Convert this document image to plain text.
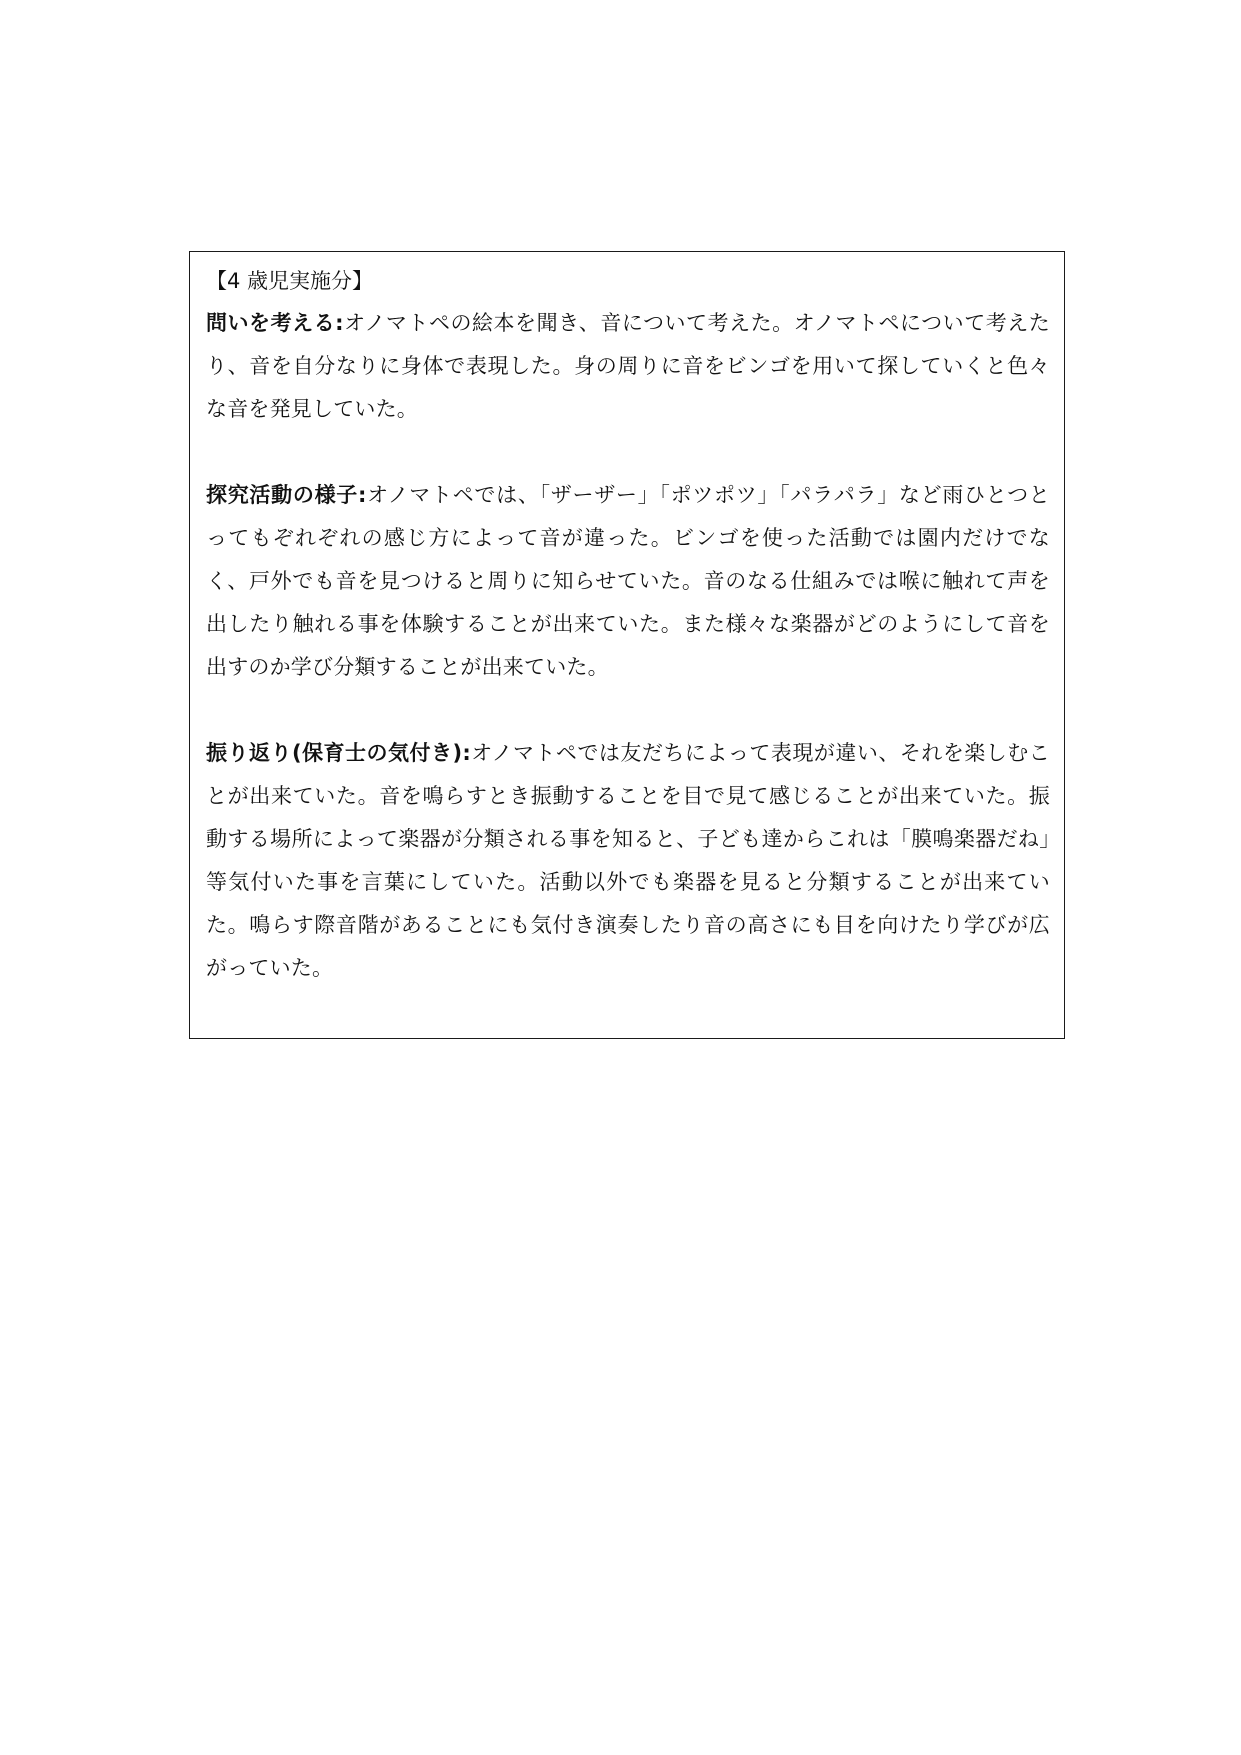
【4 歳児実施分】

問いを考える:オノマトペの絵本を聞き、音について考えた。オノマトペについて考えたり、音を自分なりに身体で表現した。身の周りに音をビンゴを用いて探していくと色々な音を発見していた。

探究活動の様子:オノマトペでは、「ザーザー」「ポツポツ」「パラパラ」など雨ひとつとってもぞれぞれの感じ方によって音が違った。ビンゴを使った活動では園内だけでなく、戸外でも音を見つけると周りに知らせていた。音のなる仕組みでは喉に触れて声を出したり触れる事を体験することが出来ていた。また様々な楽器がどのようにして音を出すのか学び分類することが出来ていた。

振り返り(保育士の気付き):オノマトペでは友だちによって表現が違い、それを楽しむことが出来ていた。音を鳴らすとき振動することを目で見て感じることが出来ていた。振動する場所によって楽器が分類される事を知ると、子ども達からこれは「膜鳴楽器だね」等気付いた事を言葉にしていた。活動以外でも楽器を見ると分類することが出来ていた。鳴らす際音階があることにも気付き演奏したり音の高さにも目を向けたり学びが広がっていた。
